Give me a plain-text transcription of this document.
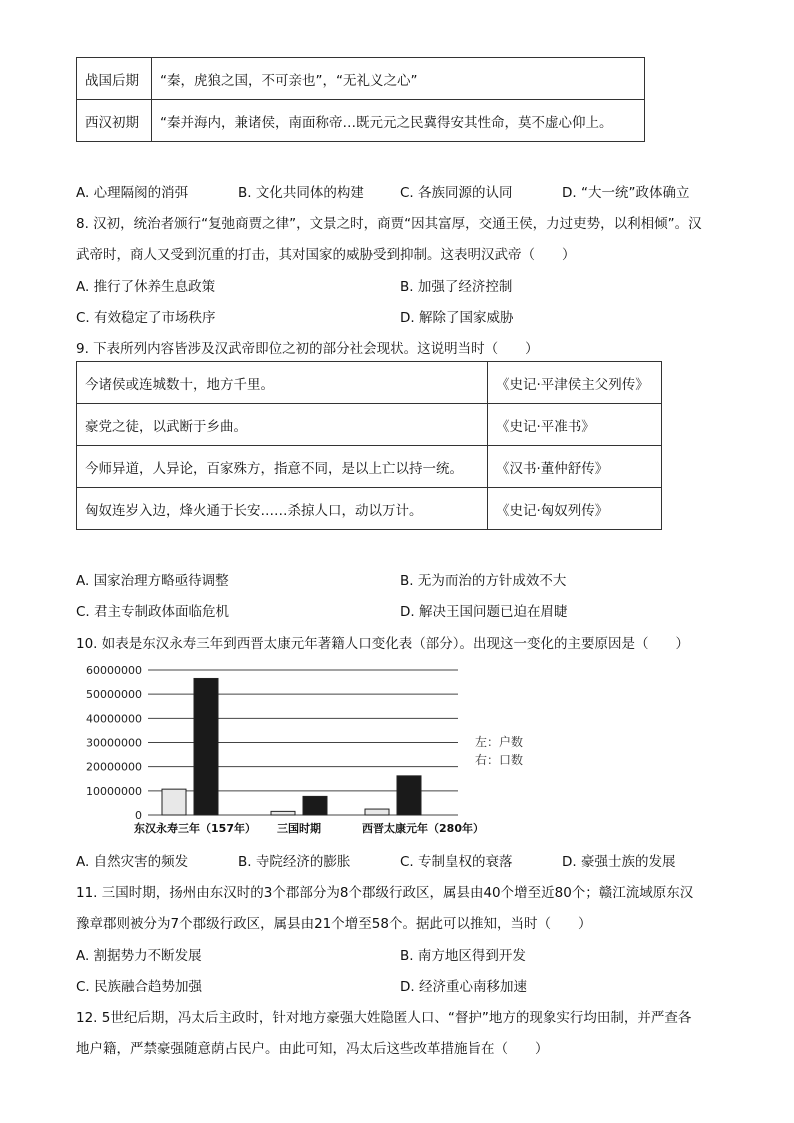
战国后期	“秦，虎狼之国，不可亲也”，“无礼义之心”
西汉初期	“秦并海内，兼诸侯，南面称帝…既元元之民冀得安其性命，莫不虚心仰上。
A. 心理隔阂的消弭	B. 文化共同体的构建	C. 各族同源的认同	D. “大一统”政体确立
8. 汉初，统治者颁行“复弛商贾之律”，文景之时，商贾“因其富厚，交通王侯，力过吏势，以利相倾”。汉
武帝时，商人又受到沉重的打击，其对国家的威胁受到抑制。这表明汉武帝（　　）
A. 推行了休养生息政策	B. 加强了经济控制
C. 有效稳定了市场秩序	D. 解除了国家威胁
9. 下表所列内容皆涉及汉武帝即位之初的部分社会现状。这说明当时（　　）
今诸侯或连城数十，地方千里。	《史记·平津侯主父列传》
豪党之徒，以武断于乡曲。	《史记·平准书》
今师异道，人异论，百家殊方，指意不同，是以上亡以持一统。	《汉书·董仲舒传》
匈奴连岁入边，烽火通于长安……杀掠人口，动以万计。	《史记·匈奴列传》
A. 国家治理方略亟待调整	B. 无为而治的方针成效不大
C. 君主专制政体面临危机	D. 解决王国问题已迫在眉睫
10. 如表是东汉永寿三年到西晋太康元年著籍人口变化表（部分）。出现这一变化的主要原因是（　　）
60000000
50000000
40000000
30000000
20000000
10000000
0
东汉永寿三年（157年） 三国时期	西晋太康元年（280年）
左：户数
右：口数
A. 自然灾害的频发	B. 寺院经济的膨胀	C. 专制皇权的衰落	D. 豪强士族的发展
11. 三国时期，扬州由东汉时的3个郡部分为8个郡级行政区，属县由40个增至近80个；赣江流域原东汉
豫章郡则被分为7个郡级行政区，属县由21个增至58个。据此可以推知，当时（　　）
A. 割据势力不断发展	B. 南方地区得到开发
C. 民族融合趋势加强	D. 经济重心南移加速
12. 5世纪后期，冯太后主政时，针对地方豪强大姓隐匿人口、“督护”地方的现象实行均田制，并严查各
地户籍，严禁豪强随意荫占民户。由此可知，冯太后这些改革措施旨在（　　）
